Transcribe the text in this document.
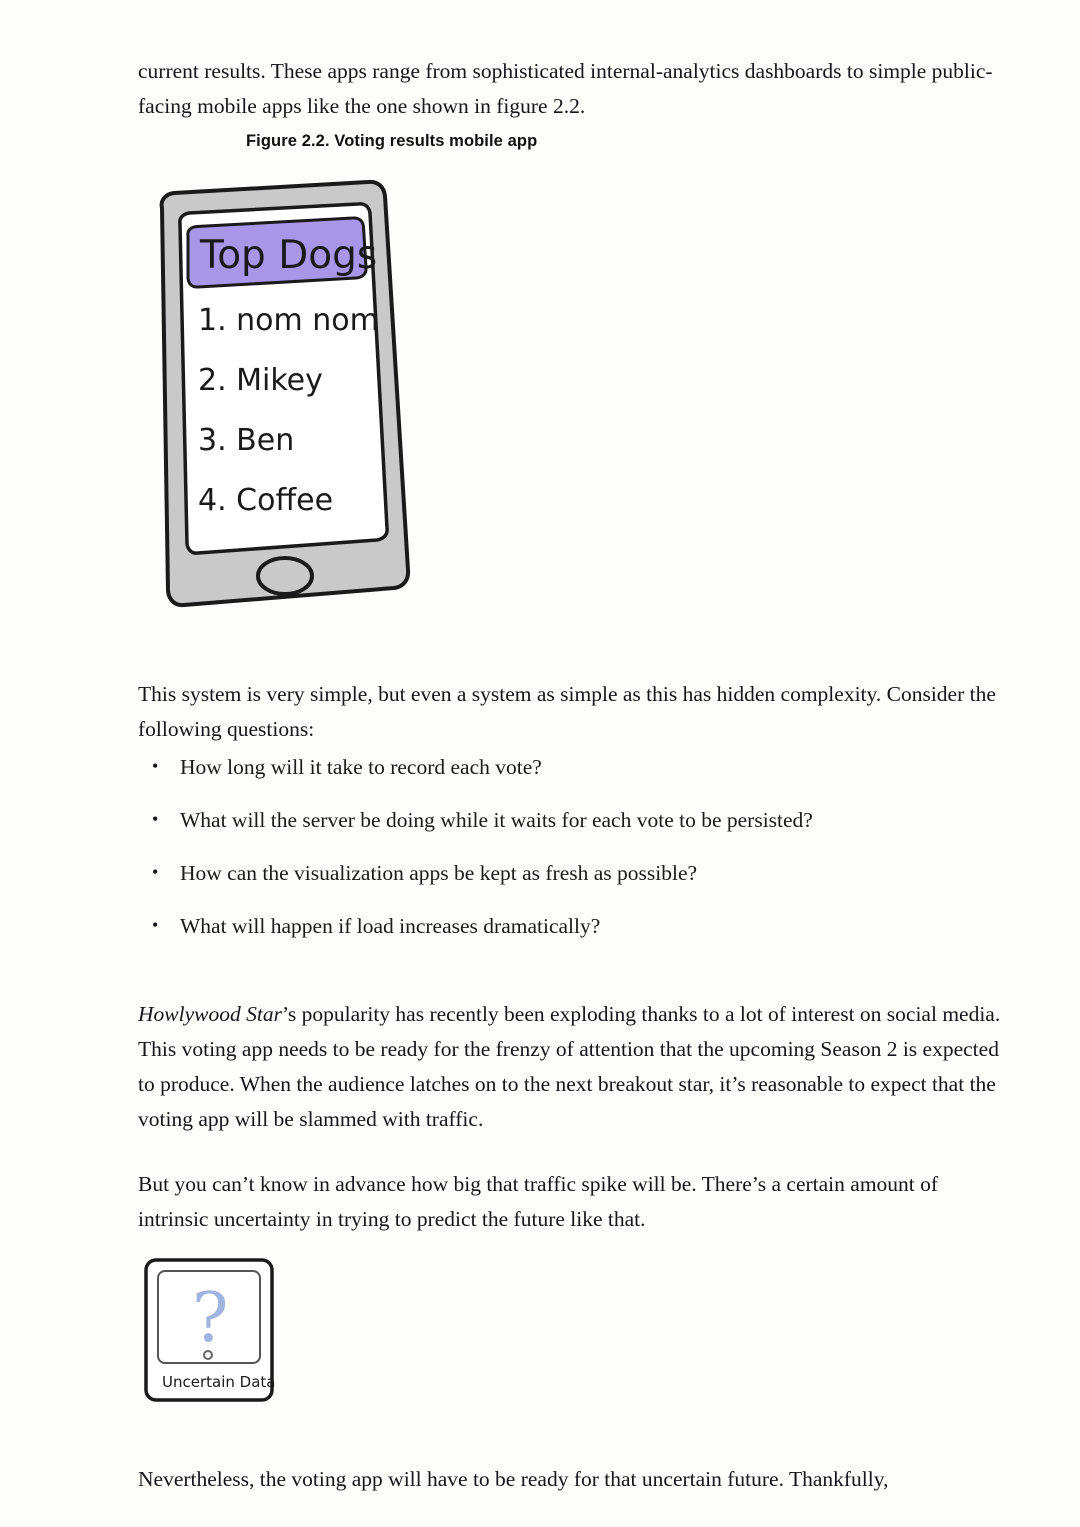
current results. These apps range from sophisticated internal-analytics dashboards to simple public-facing mobile apps like the one shown in figure 2.2.

Figure 2.2. Voting results mobile app
Top Dogs
1. nom nom
2. Mikey
3. Ben
4. Coffee

This system is very simple, but even a system as simple as this has hidden complexity. Consider the following questions:

• How long will it take to record each vote?
• What will the server be doing while it waits for each vote to be persisted?
• How can the visualization apps be kept as fresh as possible?
• What will happen if load increases dramatically?

Howlywood Star’s popularity has recently been exploding thanks to a lot of interest on social media. This voting app needs to be ready for the frenzy of attention that the upcoming Season 2 is expected to produce. When the audience latches on to the next breakout star, it’s reasonable to expect that the voting app will be slammed with traffic.

But you can’t know in advance how big that traffic spike will be. There’s a certain amount of intrinsic uncertainty in trying to predict the future like that.

?
Uncertain Data

Nevertheless, the voting app will have to be ready for that uncertain future. Thankfully,
